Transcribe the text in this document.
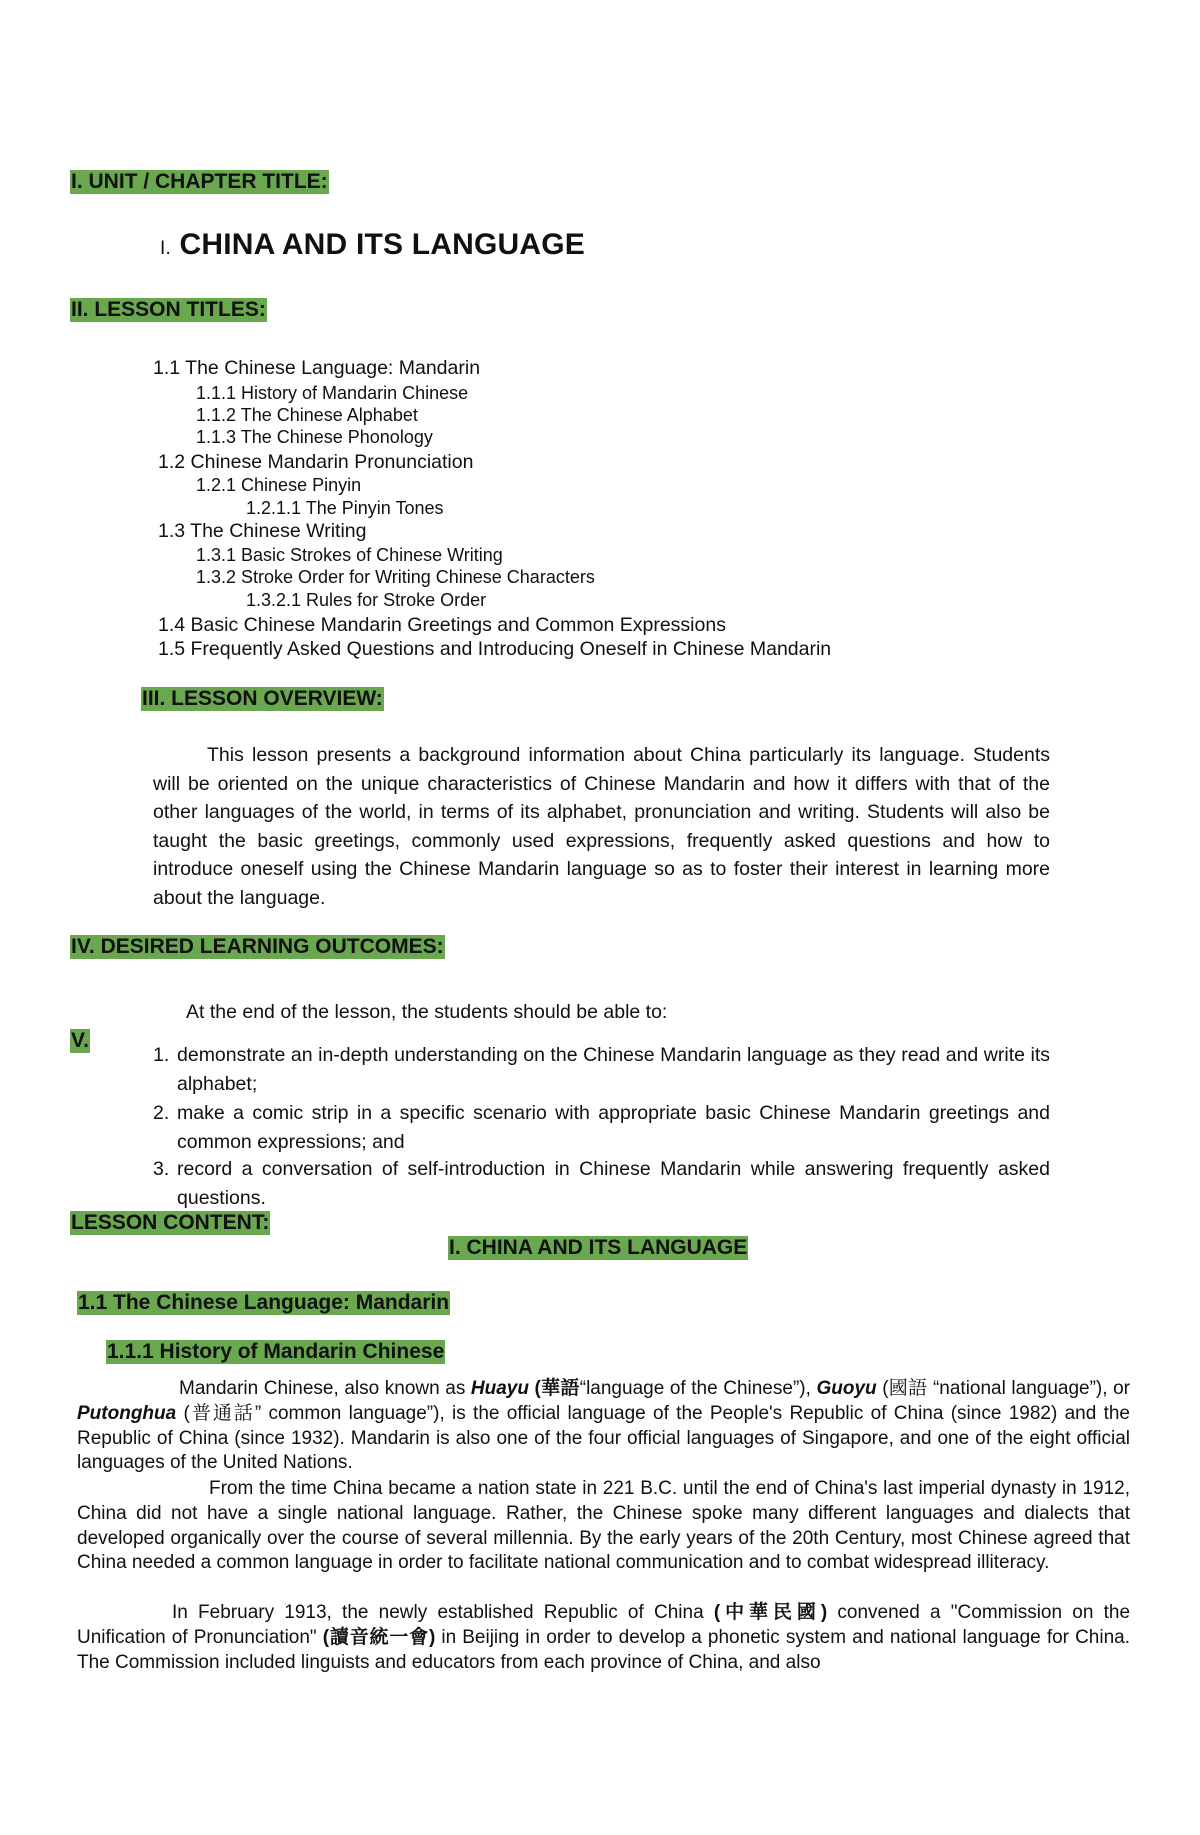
I. UNIT / CHAPTER TITLE:
I. CHINA AND ITS LANGUAGE
II. LESSON TITLES:
1.1 The Chinese Language: Mandarin
1.1.1 History of Mandarin Chinese
1.1.2 The Chinese Alphabet
1.1.3 The Chinese Phonology
1.2 Chinese Mandarin Pronunciation
1.2.1 Chinese Pinyin
1.2.1.1 The Pinyin Tones
1.3 The Chinese Writing
1.3.1 Basic Strokes of Chinese Writing
1.3.2 Stroke Order for Writing Chinese Characters
1.3.2.1 Rules for Stroke Order
1.4 Basic Chinese Mandarin Greetings and Common Expressions
1.5 Frequently Asked Questions and Introducing Oneself in Chinese Mandarin
III. LESSON OVERVIEW:
This lesson presents a background information about China particularly its language. Students will be oriented on the unique characteristics of Chinese Mandarin and how it differs with that of the other languages of the world, in terms of its alphabet, pronunciation and writing. Students will also be taught the basic greetings, commonly used expressions, frequently asked questions and how to introduce oneself using the Chinese Mandarin language so as to foster their interest in learning more about the language.
IV. DESIRED LEARNING OUTCOMES:
At the end of the lesson, the students should be able to:
V.
1. demonstrate an in-depth understanding on the Chinese Mandarin language as they read and write its alphabet;
2. make a comic strip in a specific scenario with appropriate basic Chinese Mandarin greetings and common expressions; and
3. record a conversation of self-introduction in Chinese Mandarin while answering frequently asked questions.
LESSON CONTENT:
I. CHINA AND ITS LANGUAGE
1.1 The Chinese Language: Mandarin
1.1.1 History of Mandarin Chinese
Mandarin Chinese, also known as Huayu (華語“language of the Chinese”), Guoyu (國語 “national language”), or Putonghua (普通話” common language”), is the official language of the People's Republic of China (since 1982) and the Republic of China (since 1932). Mandarin is also one of the four official languages of Singapore, and one of the eight official languages of the United Nations.
From the time China became a nation state in 221 B.C. until the end of China's last imperial dynasty in 1912, China did not have a single national language. Rather, the Chinese spoke many different languages and dialects that developed organically over the course of several millennia. By the early years of the 20th Century, most Chinese agreed that China needed a common language in order to facilitate national communication and to combat widespread illiteracy.
In February 1913, the newly established Republic of China (中華民國) convened a "Commission on the Unification of Pronunciation" (讀音統一會) in Beijing in order to develop a phonetic system and national language for China. The Commission included linguists and educators from each province of China, and also
